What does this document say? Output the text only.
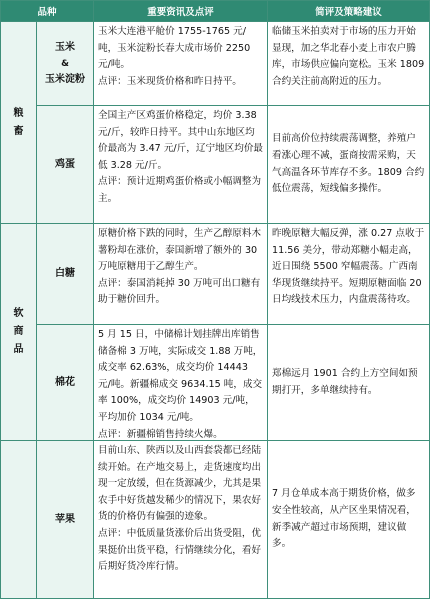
品种	重要资讯及点评	简评及策略建议
粮
畜
软
商
品
玉米
&
玉米淀粉
鸡蛋
白糖
棉花
苹果
玉米大连港平舱价 1755-1765 元/吨，玉米淀粉长春大成市场价 2250 元/吨。
点评：玉米现货价格和昨日持平。
全国主产区鸡蛋价格稳定，均价 3.38 元/斤，较昨日持平。其中山东地区均价最高为 3.47 元/斤，辽宁地区均价最低 3.28 元/斤。
点评：预计近期鸡蛋价格或小幅调整为主。
原糖价格下跌的同时，生产乙醇原料木薯粉却在涨价，泰国新增了额外的 30 万吨原糖用于乙醇生产。
点评：泰国消耗掉 30 万吨可出口糖有助于糖价回升。
5 月 15 日，中储棉计划挂牌出库销售储备棉 3 万吨，实际成交 1.88 万吨，成交率 62.63%，成交均价 14443 元/吨。新疆棉成交 9634.15 吨，成交率 100%，成交均价 14903 元/吨，平均加价 1034 元/吨。
点评：新疆棉销售持续火爆。
目前山东、陕西以及山西套袋都已经陆续开始。在产地交易上，走货速度均出现一定放缓，但在货源减少，尤其是果农手中好货越发稀少的情况下，果农好货的价格仍有偏强的迹象。
点评：中低质量货涨价后出货受阻，优果挺价出货平稳，行情继续分化，看好后期好货冷库行情。
临储玉米拍卖对于市场的压力开始显现，加之华北春小麦上市农户腾库，市场供应偏向宽松。玉米 1809 合约关注前高附近的压力。
目前高价位持续震荡调整，养殖户看涨心理不减，蛋商按需采购，天气高温各环节库存不多。1809 合约低位震荡，短线偏多操作。
昨晚原糖大幅反弹，涨 0.27 点收于 11.56 美分，带动郑糖小幅走高，近日围绕 5500 窄幅震荡。广西南华现货继续持平。短期原糖面临 20 日均线技术压力，内盘震荡待攻。
郑棉远月 1901 合约上方空间如预期打开，多单继续持有。
7 月仓单成本高于期货价格，做多安全性较高，从产区坐果情况看，新季减产超过市场预期，建议做多。
